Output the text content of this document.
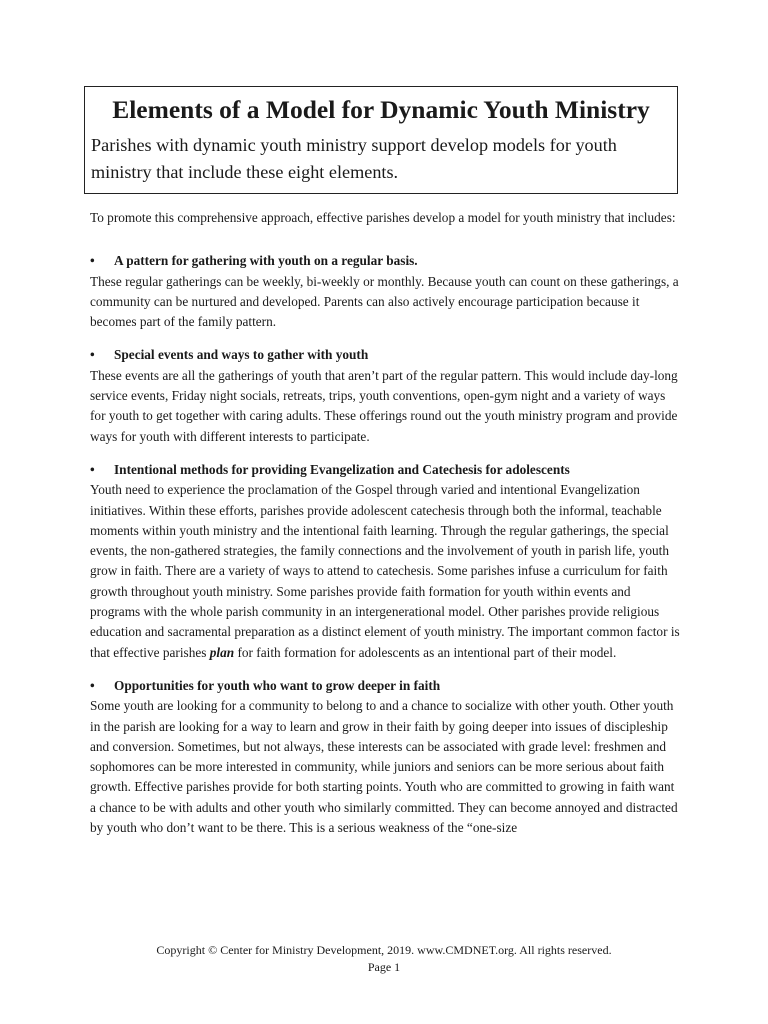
Elements of a Model for Dynamic Youth Ministry

Parishes with dynamic youth ministry support develop models for youth ministry that include these eight elements.

To promote this comprehensive approach, effective parishes develop a model for youth ministry that includes:

•	A pattern for gathering with youth on a regular basis.

These regular gatherings can be weekly, bi-weekly or monthly. Because youth can count on these gatherings, a community can be nurtured and developed. Parents can also actively encourage participation because it becomes part of the family pattern.

•	Special events and ways to gather with youth

These events are all the gatherings of youth that aren’t part of the regular pattern. This would include day-long service events, Friday night socials, retreats, trips, youth conventions, open-gym night and a variety of ways for youth to get together with caring adults. These offerings round out the youth ministry program and provide ways for youth with different interests to participate.

•	Intentional methods for providing Evangelization and Catechesis for adolescents

Youth need to experience the proclamation of the Gospel through varied and intentional Evangelization initiatives. Within these efforts, parishes provide adolescent catechesis through both the informal, teachable moments within youth ministry and the intentional faith learning. Through the regular gatherings, the special events, the non-gathered strategies, the family connections and the involvement of youth in parish life, youth grow in faith. There are a variety of ways to attend to catechesis. Some parishes infuse a curriculum for faith growth throughout youth ministry. Some parishes provide faith formation for youth within events and programs with the whole parish community in an intergenerational model. Other parishes provide religious education and sacramental preparation as a distinct element of youth ministry. The important common factor is that effective parishes plan for faith formation for adolescents as an intentional part of their model.

•	Opportunities for youth who want to grow deeper in faith

Some youth are looking for a community to belong to and a chance to socialize with other youth. Other youth in the parish are looking for a way to learn and grow in their faith by going deeper into issues of discipleship and conversion. Sometimes, but not always, these interests can be associated with grade level: freshmen and sophomores can be more interested in community, while juniors and seniors can be more serious about faith growth. Effective parishes provide for both starting points. Youth who are committed to growing in faith want a chance to be with adults and other youth who similarly committed. They can become annoyed and distracted by youth who don’t want to be there. This is a serious weakness of the “one-size

Copyright © Center for Ministry Development, 2019. www.CMDNET.org. All rights reserved.
Page 1
